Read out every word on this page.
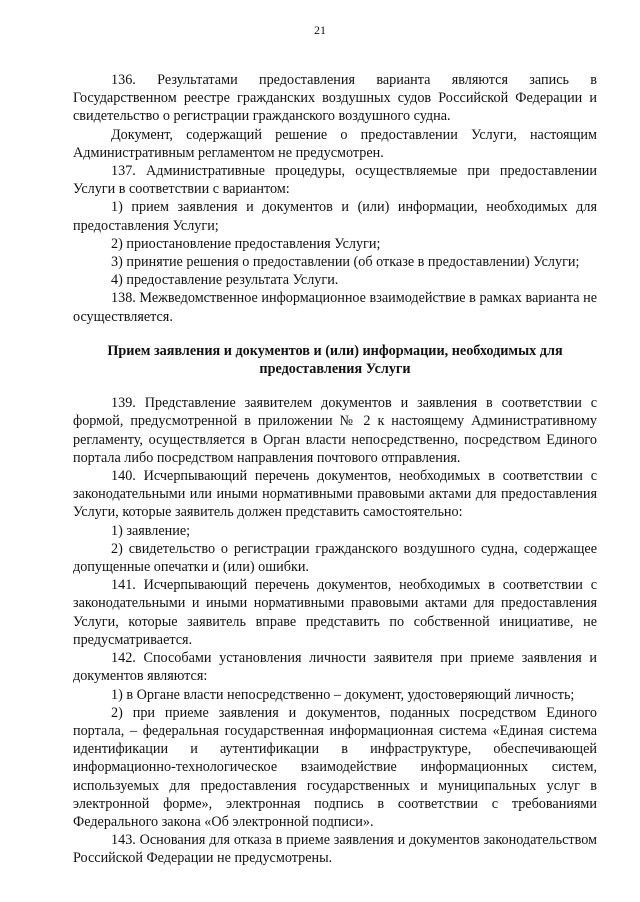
21

136. Результатами предоставления варианта являются запись в Государственном реестре гражданских воздушных судов Российской Федерации и свидетельство о регистрации гражданского воздушного судна.

Документ, содержащий решение о предоставлении Услуги, настоящим Административным регламентом не предусмотрен.

137. Административные процедуры, осуществляемые при предоставлении Услуги в соответствии с вариантом:

1) прием заявления и документов и (или) информации, необходимых для предоставления Услуги;

2) приостановление предоставления Услуги;

3) принятие решения о предоставлении (об отказе в предоставлении) Услуги;

4) предоставление результата Услуги.

138. Межведомственное информационное взаимодействие в рамках варианта не осуществляется.

Прием заявления и документов и (или) информации, необходимых для предоставления Услуги

139. Представление заявителем документов и заявления в соответствии с формой, предусмотренной в приложении № 2 к настоящему Административному регламенту, осуществляется в Орган власти непосредственно, посредством Единого портала либо посредством направления почтового отправления.

140. Исчерпывающий перечень документов, необходимых в соответствии с законодательными или иными нормативными правовыми актами для предоставления Услуги, которые заявитель должен представить самостоятельно:

1) заявление;

2) свидетельство о регистрации гражданского воздушного судна, содержащее допущенные опечатки и (или) ошибки.

141. Исчерпывающий перечень документов, необходимых в соответствии с законодательными и иными нормативными правовыми актами для предоставления Услуги, которые заявитель вправе представить по собственной инициативе, не предусматривается.

142. Способами установления личности заявителя при приеме заявления и документов являются:

1) в Органе власти непосредственно – документ, удостоверяющий личность;

2) при приеме заявления и документов, поданных посредством Единого портала, – федеральная государственная информационная система «Единая система идентификации и аутентификации в инфраструктуре, обеспечивающей информационно-технологическое взаимодействие информационных систем, используемых для предоставления государственных и муниципальных услуг в электронной форме», электронная подпись в соответствии с требованиями Федерального закона «Об электронной подписи».

143. Основания для отказа в приеме заявления и документов законодательством Российской Федерации не предусмотрены.
